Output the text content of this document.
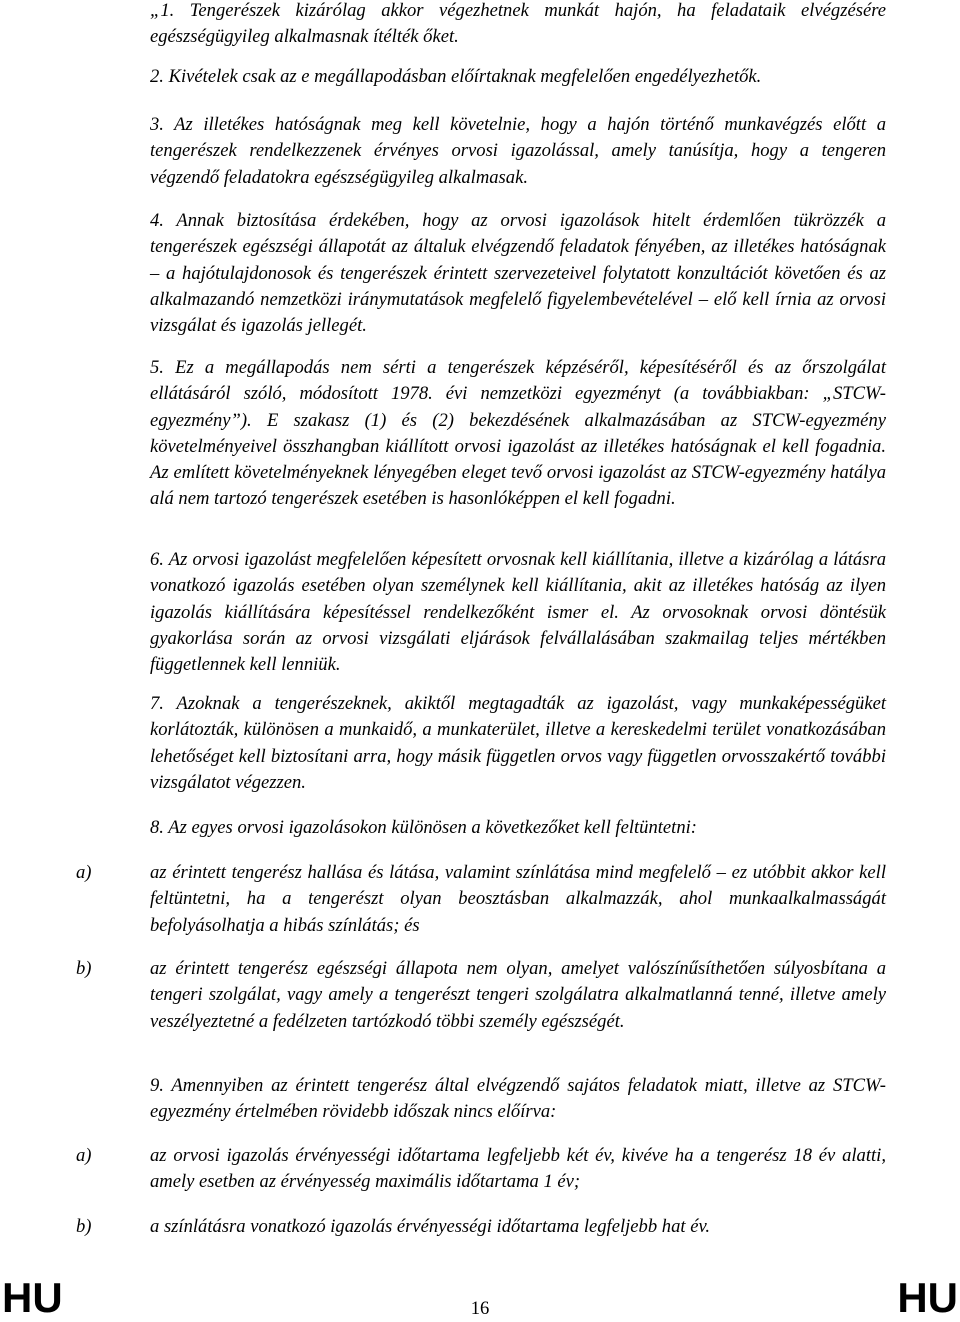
„1. Tengerészek kizárólag akkor végezhetnek munkát hajón, ha feladataik elvégzésére egészségügyileg alkalmasnak ítélték őket.

2. Kivételek csak az e megállapodásban előírtaknak megfelelően engedélyezhetők.

3. Az illetékes hatóságnak meg kell követelnie, hogy a hajón történő munkavégzés előtt a tengerészek rendelkezzenek érvényes orvosi igazolással, amely tanúsítja, hogy a tengeren végzendő feladatokra egészségügyileg alkalmasak.

4. Annak biztosítása érdekében, hogy az orvosi igazolások hitelt érdemlően tükrözzék a tengerészek egészségi állapotát az általuk elvégzendő feladatok fényében, az illetékes hatóságnak – a hajótulajdonosok és tengerészek érintett szervezeteivel folytatott konzultációt követően és az alkalmazandó nemzetközi iránymutatások megfelelő figyelembevételével – elő kell írnia az orvosi vizsgálat és igazolás jellegét.

5. Ez a megállapodás nem sérti a tengerészek képzéséről, képesítéséről és az őrszolgálat ellátásáról szóló, módosított 1978. évi nemzetközi egyezményt (a továbbiakban: „STCW-egyezmény”). E szakasz (1) és (2) bekezdésének alkalmazásában az STCW-egyezmény követelményeivel összhangban kiállított orvosi igazolást az illetékes hatóságnak el kell fogadnia. Az említett követelményeknek lényegében eleget tevő orvosi igazolást az STCW-egyezmény hatálya alá nem tartozó tengerészek esetében is hasonlóképpen el kell fogadni.

6. Az orvosi igazolást megfelelően képesített orvosnak kell kiállítania, illetve a kizárólag a látásra vonatkozó igazolás esetében olyan személynek kell kiállítania, akit az illetékes hatóság az ilyen igazolás kiállítására képesítéssel rendelkezőként ismer el. Az orvosoknak orvosi döntésük gyakorlása során az orvosi vizsgálati eljárások felvállalásában szakmailag teljes mértékben függetlennek kell lenniük.

7. Azoknak a tengerészeknek, akiktől megtagadták az igazolást, vagy munkaképességüket korlátozták, különösen a munkaidő, a munkaterület, illetve a kereskedelmi terület vonatkozásában lehetőséget kell biztosítani arra, hogy másik független orvos vagy független orvosszakértő további vizsgálatot végezzen.

8. Az egyes orvosi igazolásokon különösen a következőket kell feltüntetni:

a)	az érintett tengerész hallása és látása, valamint színlátása mind megfelelő – ez utóbbit akkor kell feltüntetni, ha a tengerészt olyan beosztásban alkalmazzák, ahol munkaalkalmasságát befolyásolhatja a hibás színlátás; és

b)	az érintett tengerész egészségi állapota nem olyan, amelyet valószínűsíthetően súlyosbítana a tengeri szolgálat, vagy amely a tengerészt tengeri szolgálatra alkalmatlanná tenné, illetve amely veszélyeztetné a fedélzeten tartózkodó többi személy egészségét.

9. Amennyiben az érintett tengerész által elvégzendő sajátos feladatok miatt, illetve az STCW-egyezmény értelmében rövidebb időszak nincs előírva:

a)	az orvosi igazolás érvényességi időtartama legfeljebb két év, kivéve ha a tengerész 18 év alatti, amely esetben az érvényesség maximális időtartama 1 év;

b)	a színlátásra vonatkozó igazolás érvényességi időtartama legfeljebb hat év.

HU	16	HU
